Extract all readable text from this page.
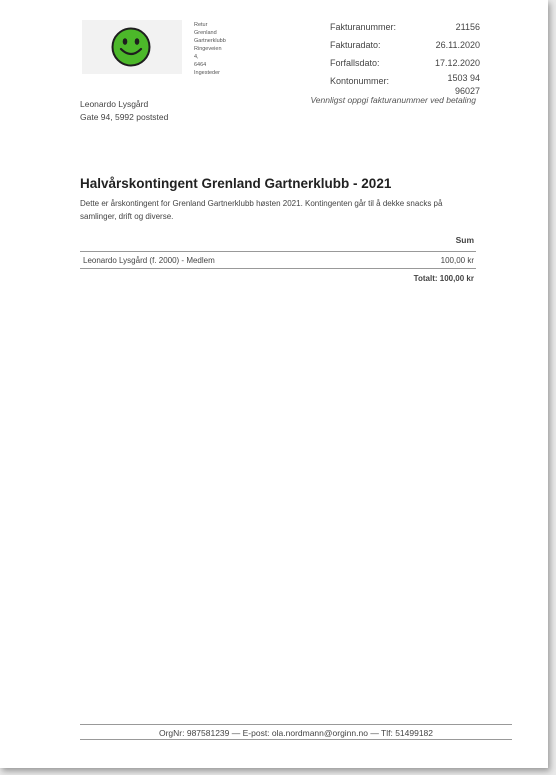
Retur
Grenland
Gartnerklubb
Ringeveien
4,
6464
Ingesteder
Fakturanummer:	21156
Fakturadato:	26.11.2020
Forfallsdato:	17.12.2020
Kontonummer:	1503 94 96027
Vennligst oppgi fakturanummer ved betaling
Leonardo Lysgård
Gate 94, 5992 poststed
Halvårskontingent Grenland Gartnerklubb - 2021

Dette er årskontingent for Grenland Gartnerklubb høsten 2021. Kontingenten går til å dekke snacks på samlinger, drift og diverse.

Sum
Leonardo Lysgård (f. 2000) - Medlem	100,00 kr
Totalt: 100,00 kr
OrgNr: 987581239 — E-post: ola.nordmann@orginn.no — Tlf: 51499182
